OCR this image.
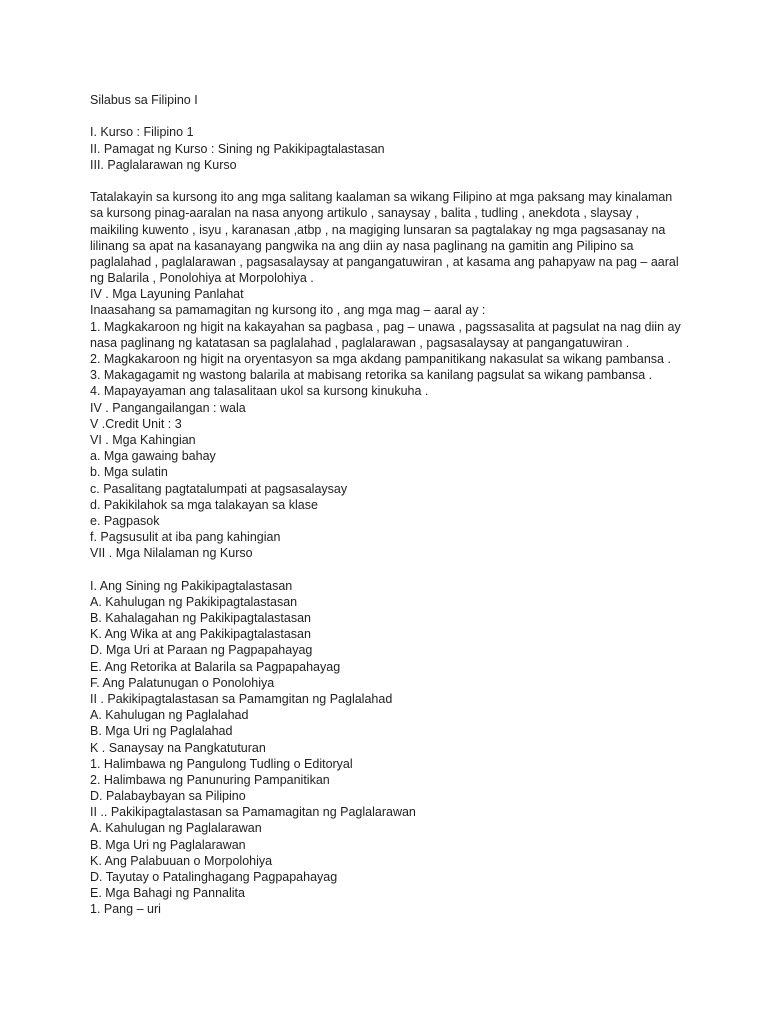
Silabus sa Filipino I
I. Kurso : Filipino 1
II. Pamagat ng Kurso : Sining ng Pakikipagtalastasan
III. Paglalarawan ng Kurso
Tatalakayin sa kursong ito ang mga salitang kaalaman sa wikang Filipino at mga paksang may kinalaman
sa kursong pinag-aaralan na nasa anyong artikulo , sanaysay , balita , tudling , anekdota , slaysay ,
maikiling kuwento , isyu , karanasan ,atbp , na magiging lunsaran sa pagtalakay ng mga pagsasanay na
lilinang sa apat na kasanayang pangwika na ang diin ay nasa paglinang na gamitin ang Pilipino sa
paglalahad , paglalarawan , pagsasalaysay at pangangatuwiran , at kasama ang pahapyaw na pag – aaral
ng Balarila , Ponolohiya at Morpolohiya .
IV . Mga Layuning Panlahat
Inaasahang sa pamamagitan ng kursong ito , ang mga mag – aaral ay :
1. Magkakaroon ng higit na kakayahan sa pagbasa , pag – unawa , pagssasalita at pagsulat na nag diin ay
nasa paglinang ng katatasan sa paglalahad , paglalarawan , pagsasalaysay at pangangatuwiran .
2. Magkakaroon ng higit na oryentasyon sa mga akdang pampanitikang nakasulat sa wikang pambansa .
3. Makagagamit ng wastong balarila at mabisang retorika sa kanilang pagsulat sa wikang pambansa .
4. Mapayayaman ang talasalitaan ukol sa kursong kinukuha .
IV . Pangangailangan : wala
V .Credit Unit : 3
VI . Mga Kahingian
a. Mga gawaing bahay
b. Mga sulatin
c. Pasalitang pagtatalumpati at pagsasalaysay
d. Pakikilahok sa mga talakayan sa klase
e. Pagpasok
f. Pagsusulit at iba pang kahingian
VII . Mga Nilalaman ng Kurso
I. Ang Sining ng Pakikipagtalastasan
A. Kahulugan ng Pakikipagtalastasan
B. Kahalagahan ng Pakikipagtalastasan
K. Ang Wika at ang Pakikipagtalastasan
D. Mga Uri at Paraan ng Pagpapahayag
E. Ang Retorika at Balarila sa Pagpapahayag
F. Ang Palatunugan o Ponolohiya
II . Pakikipagtalastasan sa Pamamgitan ng Paglalahad
A. Kahulugan ng Paglalahad
B. Mga Uri ng Paglalahad
K . Sanaysay na Pangkatuturan
1. Halimbawa ng Pangulong Tudling o Editoryal
2. Halimbawa ng Panunuring Pampanitikan
D. Palabaybayan sa Pilipino
II .. Pakikipagtalastasan sa Pamamagitan ng Paglalarawan
A. Kahulugan ng Paglalarawan
B. Mga Uri ng Paglalarawan
K. Ang Palabuuan o Morpolohiya
D. Tayutay o Patalinghagang Pagpapahayag
E. Mga Bahagi ng Pannalita
1. Pang – uri
